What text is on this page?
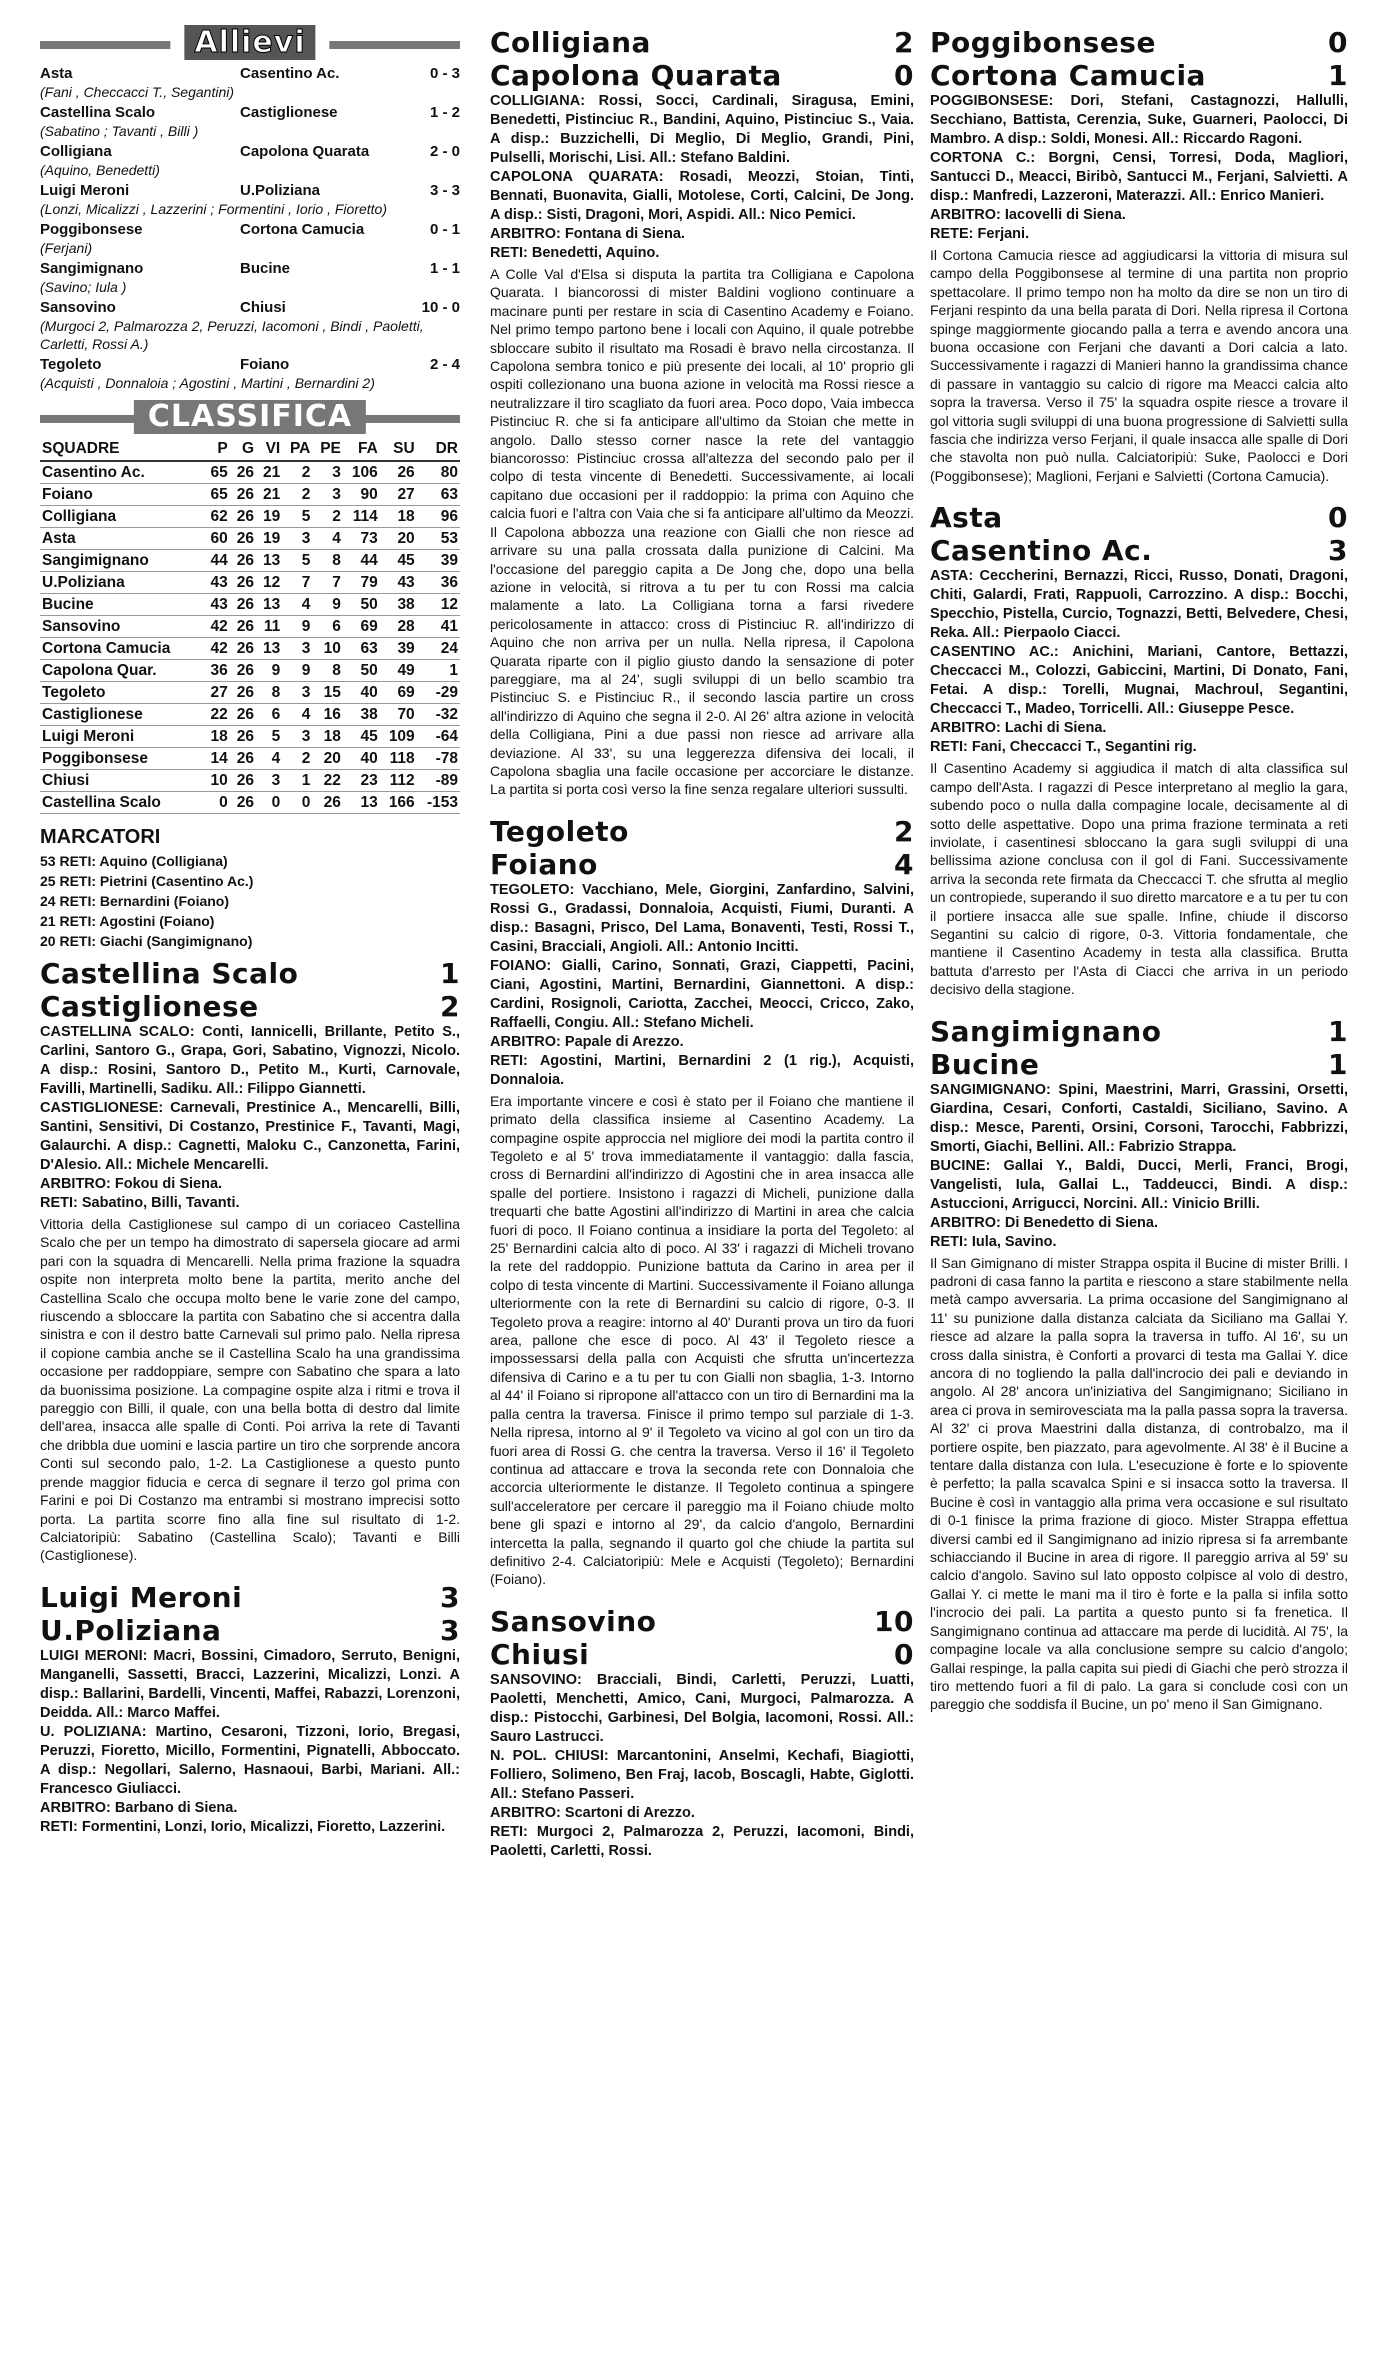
Allievi
Asta	Casentino Ac.	0 - 3
(Fani , Checcacci T., Segantini)
Castellina Scalo	Castiglionese	1 - 2
(Sabatino ; Tavanti , Billi )
Colligiana	Capolona Quarata	2 - 0
(Aquino, Benedetti)
Luigi Meroni	U.Poliziana	3 - 3
(Lonzi, Micalizzi , Lazzerini ; Formentini , Iorio , Fioretto)
Poggibonsese	Cortona Camucia	0 - 1
(Ferjani)
Sangimignano	Bucine	1 - 1
(Savino; Iula )
Sansovino	Chiusi	10 - 0
(Murgoci 2, Palmarozza 2, Peruzzi, Iacomoni , Bindi , Paoletti, Carletti, Rossi A.)
Tegoleto	Foiano	2 - 4
(Acquisti , Donnaloia ; Agostini , Martini , Bernardini 2)
CLASSIFICA
SQUADRE	P	G	VI	PA	PE	FA	SU	DR
Casentino Ac.	65	26	21	2	3	106	26	80
Foiano	65	26	21	2	3	90	27	63
Colligiana	62	26	19	5	2	114	18	96
Asta	60	26	19	3	4	73	20	53
Sangimignano	44	26	13	5	8	44	45	39
U.Poliziana	43	26	12	7	7	79	43	36
Bucine	43	26	13	4	9	50	38	12
Sansovino	42	26	11	9	6	69	28	41
Cortona Camucia	42	26	13	3	10	63	39	24
Capolona Quar.	36	26	9	9	8	50	49	1
Tegoleto	27	26	8	3	15	40	69	-29
Castiglionese	22	26	6	4	16	38	70	-32
Luigi Meroni	18	26	5	3	18	45	109	-64
Poggibonsese	14	26	4	2	20	40	118	-78
Chiusi	10	26	3	1	22	23	112	-89
Castellina Scalo	0	26	0	0	26	13	166	-153
MARCATORI
53 RETI: Aquino (Colligiana)
25 RETI: Pietrini (Casentino Ac.)
24 RETI: Bernardini (Foiano)
21 RETI: Agostini (Foiano)
20 RETI: Giachi (Sangimignano)
Castellina Scalo	1
Castiglionese	2
CASTELLINA SCALO: Conti, Iannicelli, Brillante, Petito S., Carlini, Santoro G., Grapa, Gori, Sabatino, Vignozzi, Nicolo. A disp.: Rosini, Santoro D., Petito M., Kurti, Carnovale, Favilli, Martinelli, Sadiku. All.: Filippo Giannetti.
CASTIGLIONESE: Carnevali, Prestinice A., Mencarelli, Billi, Santini, Sensitivi, Di Costanzo, Prestinice F., Tavanti, Magi, Galaurchi. A disp.: Cagnetti, Maloku C., Canzonetta, Farini, D'Alesio. All.: Michele Mencarelli.
ARBITRO: Fokou di Siena.
RETI: Sabatino, Billi, Tavanti.
Vittoria della Castiglionese sul campo di un coriaceo Castellina Scalo che per un tempo ha dimostrato di sapersela giocare ad armi pari con la squadra di Mencarelli. Nella prima frazione la squadra ospite non interpreta molto bene la partita, merito anche del Castellina Scalo che occupa molto bene le varie zone del campo, riuscendo a sbloccare la partita con Sabatino che si accentra dalla sinistra e con il destro batte Carnevali sul primo palo. Nella ripresa il copione cambia anche se il Castellina Scalo ha una grandissima occasione per raddoppiare, sempre con Sabatino che spara a lato da buonissima posizione. La compagine ospite alza i ritmi e trova il pareggio con Billi, il quale, con una bella botta di destro dal limite dell'area, insacca alle spalle di Conti. Poi arriva la rete di Tavanti che dribbla due uomini e lascia partire un tiro che sorprende ancora Conti sul secondo palo, 1-2. La Castiglionese a questo punto prende maggior fiducia e cerca di segnare il terzo gol prima con Farini e poi Di Costanzo ma entrambi si mostrano imprecisi sotto porta. La partita scorre fino alla fine sul risultato di 1-2. Calciatoripiù: Sabatino (Castellina Scalo); Tavanti e Billi (Castiglionese).
Luigi Meroni	3
U.Poliziana	3
LUIGI MERONI: Macri, Bossini, Cimadoro, Serruto, Benigni, Manganelli, Sassetti, Bracci, Lazzerini, Micalizzi, Lonzi. A disp.: Ballarini, Bardelli, Vincenti, Maffei, Rabazzi, Lorenzoni, Deidda. All.: Marco Maffei.
U. POLIZIANA: Martino, Cesaroni, Tizzoni, Iorio, Bregasi, Peruzzi, Fioretto, Micillo, Formentini, Pignatelli, Abboccato. A disp.: Negollari, Salerno, Hasnaoui, Barbi, Mariani. All.: Francesco Giuliacci.
ARBITRO: Barbano di Siena.
RETI: Formentini, Lonzi, Iorio, Micalizzi, Fioretto, Lazzerini.
Colligiana	2
Capolona Quarata	0
COLLIGIANA: Rossi, Socci, Cardinali, Siragusa, Emini, Benedetti, Pistinciuc R., Bandini, Aquino, Pistinciuc S., Vaia. A disp.: Buzzichelli, Di Meglio, Di Meglio, Grandi, Pini, Pulselli, Morischi, Lisi. All.: Stefano Baldini.
CAPOLONA QUARATA: Rosadi, Meozzi, Stoian, Tinti, Bennati, Buonavita, Gialli, Motolese, Corti, Calcini, De Jong. A disp.: Sisti, Dragoni, Mori, Aspidi. All.: Nico Pemici.
ARBITRO: Fontana di Siena.
RETI: Benedetti, Aquino.
A Colle Val d'Elsa si disputa la partita tra Colligiana e Capolona Quarata. I biancorossi di mister Baldini vogliono continuare a macinare punti per restare in scia di Casentino Academy e Foiano. Nel primo tempo partono bene i locali con Aquino, il quale potrebbe sbloccare subito il risultato ma Rosadi è bravo nella circostanza. Il Capolona sembra tonico e più presente dei locali, al 10' proprio gli ospiti collezionano una buona azione in velocità ma Rossi riesce a neutralizzare il tiro scagliato da fuori area. Poco dopo, Vaia imbecca Pistinciuc R. che si fa anticipare all'ultimo da Stoian che mette in angolo. Dallo stesso corner nasce la rete del vantaggio biancorosso: Pistinciuc crossa all'altezza del secondo palo per il colpo di testa vincente di Benedetti. Successivamente, ai locali capitano due occasioni per il raddoppio: la prima con Aquino che calcia fuori e l'altra con Vaia che si fa anticipare all'ultimo da Meozzi. Il Capolona abbozza una reazione con Gialli che non riesce ad arrivare su una palla crossata dalla punizione di Calcini. Ma l'occasione del pareggio capita a De Jong che, dopo una bella azione in velocità, si ritrova a tu per tu con Rossi ma calcia malamente a lato. La Colligiana torna a farsi rivedere pericolosamente in attacco: cross di Pistinciuc R. all'indirizzo di Aquino che non arriva per un nulla. Nella ripresa, il Capolona Quarata riparte con il piglio giusto dando la sensazione di poter pareggiare, ma al 24', sugli sviluppi di un bello scambio tra Pistinciuc S. e Pistinciuc R., il secondo lascia partire un cross all'indirizzo di Aquino che segna il 2-0. Al 26' altra azione in velocità della Colligiana, Pini a due passi non riesce ad arrivare alla deviazione. Al 33', su una leggerezza difensiva dei locali, il Capolona sbaglia una facile occasione per accorciare le distanze. La partita si porta così verso la fine senza regalare ulteriori sussulti.
Tegoleto	2
Foiano	4
TEGOLETO: Vacchiano, Mele, Giorgini, Zanfardino, Salvini, Rossi G., Gradassi, Donnaloia, Acquisti, Fiumi, Duranti. A disp.: Basagni, Prisco, Del Lama, Bonaventi, Testi, Rossi T., Casini, Bracciali, Angioli. All.: Antonio Incitti.
FOIANO: Gialli, Carino, Sonnati, Grazi, Ciappetti, Pacini, Ciani, Agostini, Martini, Bernardini, Giannettoni. A disp.: Cardini, Rosignoli, Cariotta, Zacchei, Meocci, Cricco, Zako, Raffaelli, Congiu. All.: Stefano Micheli.
ARBITRO: Papale di Arezzo.
RETI: Agostini, Martini, Bernardini 2 (1 rig.), Acquisti, Donnaloia.
Era importante vincere e così è stato per il Foiano che mantiene il primato della classifica insieme al Casentino Academy. La compagine ospite approccia nel migliore dei modi la partita contro il Tegoleto e al 5' trova immediatamente il vantaggio: dalla fascia, cross di Bernardini all'indirizzo di Agostini che in area insacca alle spalle del portiere. Insistono i ragazzi di Micheli, punizione dalla trequarti che batte Agostini all'indirizzo di Martini in area che calcia fuori di poco. Il Foiano continua a insidiare la porta del Tegoleto: al 25' Bernardini calcia alto di poco. Al 33' i ragazzi di Micheli trovano la rete del raddoppio. Punizione battuta da Carino in area per il colpo di testa vincente di Martini. Successivamente il Foiano allunga ulteriormente con la rete di Bernardini su calcio di rigore, 0-3. Il Tegoleto prova a reagire: intorno al 40' Duranti prova un tiro da fuori area, pallone che esce di poco. Al 43' il Tegoleto riesce a impossessarsi della palla con Acquisti che sfrutta un'incertezza difensiva di Carino e a tu per tu con Gialli non sbaglia, 1-3. Intorno al 44' il Foiano si ripropone all'attacco con un tiro di Bernardini ma la palla centra la traversa. Finisce il primo tempo sul parziale di 1-3. Nella ripresa, intorno al 9' il Tegoleto va vicino al gol con un tiro da fuori area di Rossi G. che centra la traversa. Verso il 16' il Tegoleto continua ad attaccare e trova la seconda rete con Donnaloia che accorcia ulteriormente le distanze. Il Tegoleto continua a spingere sull'acceleratore per cercare il pareggio ma il Foiano chiude molto bene gli spazi e intorno al 29', da calcio d'angolo, Bernardini intercetta la palla, segnando il quarto gol che chiude la partita sul definitivo 2-4. Calciatoripiù: Mele e Acquisti (Tegoleto); Bernardini (Foiano).
Sansovino	10
Chiusi	0
SANSOVINO: Bracciali, Bindi, Carletti, Peruzzi, Luatti, Paoletti, Menchetti, Amico, Cani, Murgoci, Palmarozza. A disp.: Pistocchi, Garbinesi, Del Bolgia, Iacomoni, Rossi. All.: Sauro Lastrucci.
N. POL. CHIUSI: Marcantonini, Anselmi, Kechafi, Biagiotti, Folliero, Solimeno, Ben Fraj, Iacob, Boscagli, Habte, Giglotti. All.: Stefano Passeri.
ARBITRO: Scartoni di Arezzo.
RETI: Murgoci 2, Palmarozza 2, Peruzzi, Iacomoni, Bindi, Paoletti, Carletti, Rossi.
Poggibonsese	0
Cortona Camucia	1
POGGIBONSESE: Dori, Stefani, Castagnozzi, Hallulli, Secchiano, Battista, Cerenzia, Suke, Guarneri, Paolocci, Di Mambro. A disp.: Soldi, Monesi. All.: Riccardo Ragoni.
CORTONA C.: Borgni, Censi, Torresi, Doda, Magliori, Santucci D., Meacci, Biribò, Santucci M., Ferjani, Salvietti. A disp.: Manfredi, Lazzeroni, Materazzi. All.: Enrico Manieri.
ARBITRO: Iacovelli di Siena.
RETE: Ferjani.
Il Cortona Camucia riesce ad aggiudicarsi la vittoria di misura sul campo della Poggibonsese al termine di una partita non proprio spettacolare. Il primo tempo non ha molto da dire se non un tiro di Ferjani respinto da una bella parata di Dori. Nella ripresa il Cortona spinge maggiormente giocando palla a terra e avendo ancora una buona occasione con Ferjani che davanti a Dori calcia a lato. Successivamente i ragazzi di Manieri hanno la grandissima chance di passare in vantaggio su calcio di rigore ma Meacci calcia alto sopra la traversa. Verso il 75' la squadra ospite riesce a trovare il gol vittoria sugli sviluppi di una buona progressione di Salvietti sulla fascia che indirizza verso Ferjani, il quale insacca alle spalle di Dori che stavolta non può nulla. Calciatoripiù: Suke, Paolocci e Dori (Poggibonsese); Maglioni, Ferjani e Salvietti (Cortona Camucia).
Asta	0
Casentino Ac.	3
ASTA: Ceccherini, Bernazzi, Ricci, Russo, Donati, Dragoni, Chiti, Galardi, Frati, Rappuoli, Carrozzino. A disp.: Bocchi, Specchio, Pistella, Curcio, Tognazzi, Betti, Belvedere, Chesi, Reka. All.: Pierpaolo Ciacci.
CASENTINO AC.: Anichini, Mariani, Cantore, Bettazzi, Checcacci M., Colozzi, Gabiccini, Martini, Di Donato, Fani, Fetai. A disp.: Torelli, Mugnai, Machroul, Segantini, Checcacci T., Madeo, Torricelli. All.: Giuseppe Pesce.
ARBITRO: Lachi di Siena.
RETI: Fani, Checcacci T., Segantini rig.
Il Casentino Academy si aggiudica il match di alta classifica sul campo dell'Asta. I ragazzi di Pesce interpretano al meglio la gara, subendo poco o nulla dalla compagine locale, decisamente al di sotto delle aspettative. Dopo una prima frazione terminata a reti inviolate, i casentinesi sbloccano la gara sugli sviluppi di una bellissima azione conclusa con il gol di Fani. Successivamente arriva la seconda rete firmata da Checcacci T. che sfrutta al meglio un contropiede, superando il suo diretto marcatore e a tu per tu con il portiere insacca alle sue spalle. Infine, chiude il discorso Segantini su calcio di rigore, 0-3. Vittoria fondamentale, che mantiene il Casentino Academy in testa alla classifica. Brutta battuta d'arresto per l'Asta di Ciacci che arriva in un periodo decisivo della stagione.
Sangimignano	1
Bucine	1
SANGIMIGNANO: Spini, Maestrini, Marri, Grassini, Orsetti, Giardina, Cesari, Conforti, Castaldi, Siciliano, Savino. A disp.: Mesce, Parenti, Orsini, Corsoni, Tarocchi, Fabbrizzi, Smorti, Giachi, Bellini. All.: Fabrizio Strappa.
BUCINE: Gallai Y., Baldi, Ducci, Merli, Franci, Brogi, Vangelisti, Iula, Gallai L., Taddeucci, Bindi. A disp.: Astuccioni, Arrigucci, Norcini. All.: Vinicio Brilli.
ARBITRO: Di Benedetto di Siena.
RETI: Iula, Savino.
Il San Gimignano di mister Strappa ospita il Bucine di mister Brilli. I padroni di casa fanno la partita e riescono a stare stabilmente nella metà campo avversaria. La prima occasione del Sangimignano al 11' su punizione dalla distanza calciata da Siciliano ma Gallai Y. riesce ad alzare la palla sopra la traversa in tuffo. Al 16', su un cross dalla sinistra, è Conforti a provarci di testa ma Gallai Y. dice ancora di no togliendo la palla dall'incrocio dei pali e deviando in angolo. Al 28' ancora un'iniziativa del Sangimignano; Siciliano in area ci prova in semirovesciata ma la palla passa sopra la traversa. Al 32' ci prova Maestrini dalla distanza, di controbalzo, ma il portiere ospite, ben piazzato, para agevolmente. Al 38' è il Bucine a tentare dalla distanza con Iula. L'esecuzione è forte e lo spiovente è perfetto; la palla scavalca Spini e si insacca sotto la traversa. Il Bucine è così in vantaggio alla prima vera occasione e sul risultato di 0-1 finisce la prima frazione di gioco. Mister Strappa effettua diversi cambi ed il Sangimignano ad inizio ripresa si fa arrembante schiacciando il Bucine in area di rigore. Il pareggio arriva al 59' su calcio d'angolo. Savino sul lato opposto colpisce al volo di destro, Gallai Y. ci mette le mani ma il tiro è forte e la palla si infila sotto l'incrocio dei pali. La partita a questo punto si fa frenetica. Il Sangimignano continua ad attaccare ma perde di lucidità. Al 75', la compagine locale va alla conclusione sempre su calcio d'angolo; Gallai respinge, la palla capita sui piedi di Giachi che però strozza il tiro mettendo fuori a fil di palo. La gara si conclude così con un pareggio che soddisfa il Bucine, un po' meno il San Gimignano.
